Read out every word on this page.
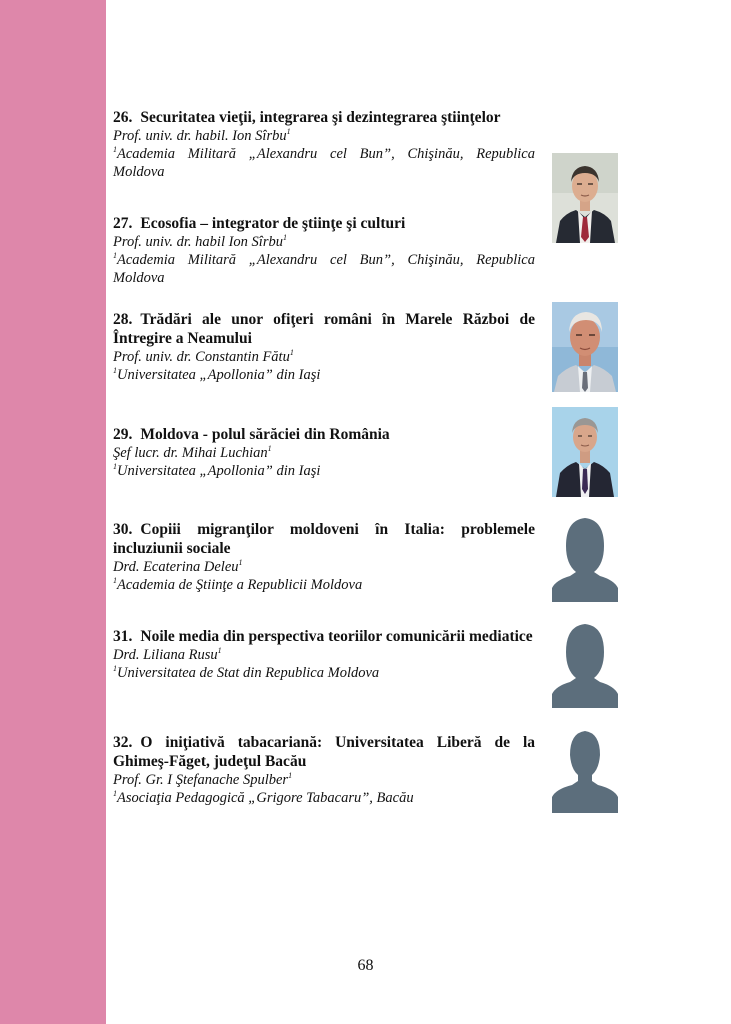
26. Securitatea vieţii, integrarea şi dezintegrarea ştiinţelor
Prof. univ. dr. habil. Ion Sîrbu$^1$
$^1$Academia Militară „Alexandru cel Bun”, Chişinău, Republica Moldova
27. Ecosofia – integrator de ştiinţe şi culturi
Prof. univ. dr. habil Ion Sîrbu$^1$
$^1$Academia Militară „Alexandru cel Bun”, Chişinău, Republica Moldova
28. Trădări ale unor ofiţeri români în Marele Război de Întregire a Neamului
Prof. univ. dr. Constantin Fătu$^1$
$^1$Universitatea „Apollonia” din Iaşi
29. Moldova - polul sărăciei din România
Şef lucr. dr. Mihai Luchian$^1$
$^1$Universitatea „Apollonia” din Iaşi
30. Copiii migranţilor moldoveni în Italia: problemele incluziunii sociale
Drd. Ecaterina Deleu$^1$
$^1$Academia de Ştiinţe a Republicii Moldova
31. Noile media din perspectiva teoriilor comunicării mediatice
Drd. Liliana Rusu$^1$
$^1$Universitatea de Stat din Republica Moldova
32. O iniţiativă tabacariană: Universitatea Liberă de la Ghimeş-Făget, judeţul Bacău
Prof. Gr. I Ştefanache Spulber$^1$
$^1$Asociaţia Pedagogică „Grigore Tabacaru”, Bacău
68
